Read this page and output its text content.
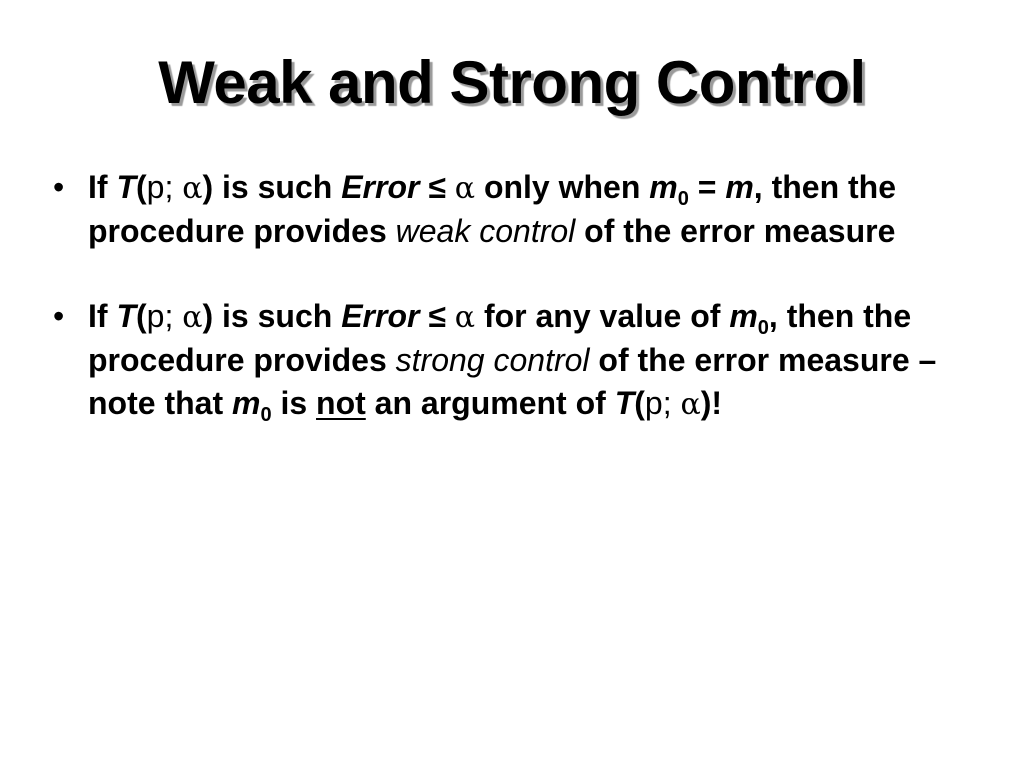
Weak and Strong Control
• If T(p; α) is such Error ≤ α only when $m_0 = m$, then the procedure provides weak control of the error measure
• If T(p; α) is such Error ≤ α for any value of $m_0$, then the procedure provides strong control of the error measure – note that $m_0$ is not an argument of T(p; α)!
